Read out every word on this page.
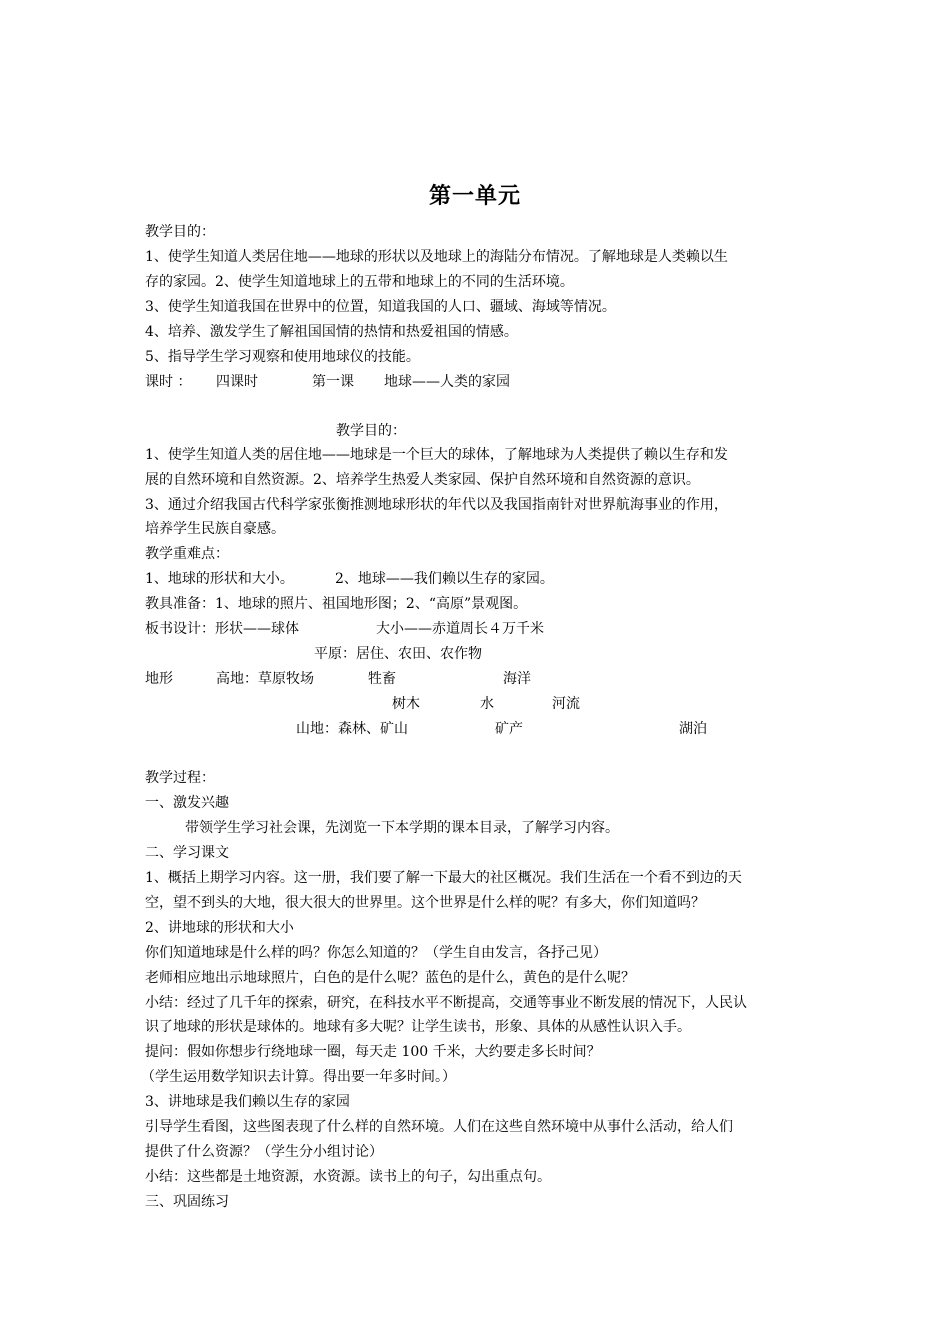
第一单元
教学目的：
1、使学生知道人类居住地——地球的形状以及地球上的海陆分布情况。了解地球是人类赖以生
存的家园。2、使学生知道地球上的五带和地球上的不同的生活环境。
3、使学生知道我国在世界中的位置，知道我国的人口、疆域、海域等情况。
4、培养、激发学生了解祖国国情的热情和热爱祖国的情感。
5、指导学生学习观察和使用地球仪的技能。
课时 ： 四课时	第一课 地球——人类的家园
教学目的：
1、使学生知道人类的居住地——地球是一个巨大的球体，了解地球为人类提供了赖以生存和发
展的自然环境和自然资源。2、培养学生热爱人类家园、保护自然环境和自然资源的意识。
3、通过介绍我国古代科学家张衡推测地球形状的年代以及我国指南针对世界航海事业的作用，
培养学生民族自豪感。
教学重难点：
1、地球的形状和大小。	2、地球——我们赖以生存的家园。
教具准备：1、地球的照片、祖国地形图；2、“高原”景观图。
板书设计：形状——球体	大小——赤道周长４万千米
平原：居住、农田、农作物
地形	高地：草原牧场	牲畜	海洋
树木	水	河流
山地：森林、矿山	矿产	湖泊
教学过程：
一、激发兴趣
带领学生学习社会课，先浏览一下本学期的课本目录，了解学习内容。
二、学习课文
1、概括上期学习内容。这一册，我们要了解一下最大的社区概况。我们生活在一个看不到边的天
空，望不到头的大地，很大很大的世界里。这个世界是什么样的呢？有多大，你们知道吗？
2、讲地球的形状和大小
你们知道地球是什么样的吗？你怎么知道的？（学生自由发言，各抒己见）
老师相应地出示地球照片，白色的是什么呢？蓝色的是什么，黄色的是什么呢？
小结：经过了几千年的探索，研究，在科技水平不断提高，交通等事业不断发展的情况下，人民认
识了地球的形状是球体的。地球有多大呢？让学生读书，形象、具体的从感性认识入手。
提问：假如你想步行绕地球一圈，每天走 100 千米，大约要走多长时间？
（学生运用数学知识去计算。得出要一年多时间。）
3、讲地球是我们赖以生存的家园
引导学生看图，这些图表现了什么样的自然环境。人们在这些自然环境中从事什么活动，给人们
提供了什么资源？（学生分小组讨论）
小结：这些都是土地资源，水资源。读书上的句子，勾出重点句。
三、巩固练习
